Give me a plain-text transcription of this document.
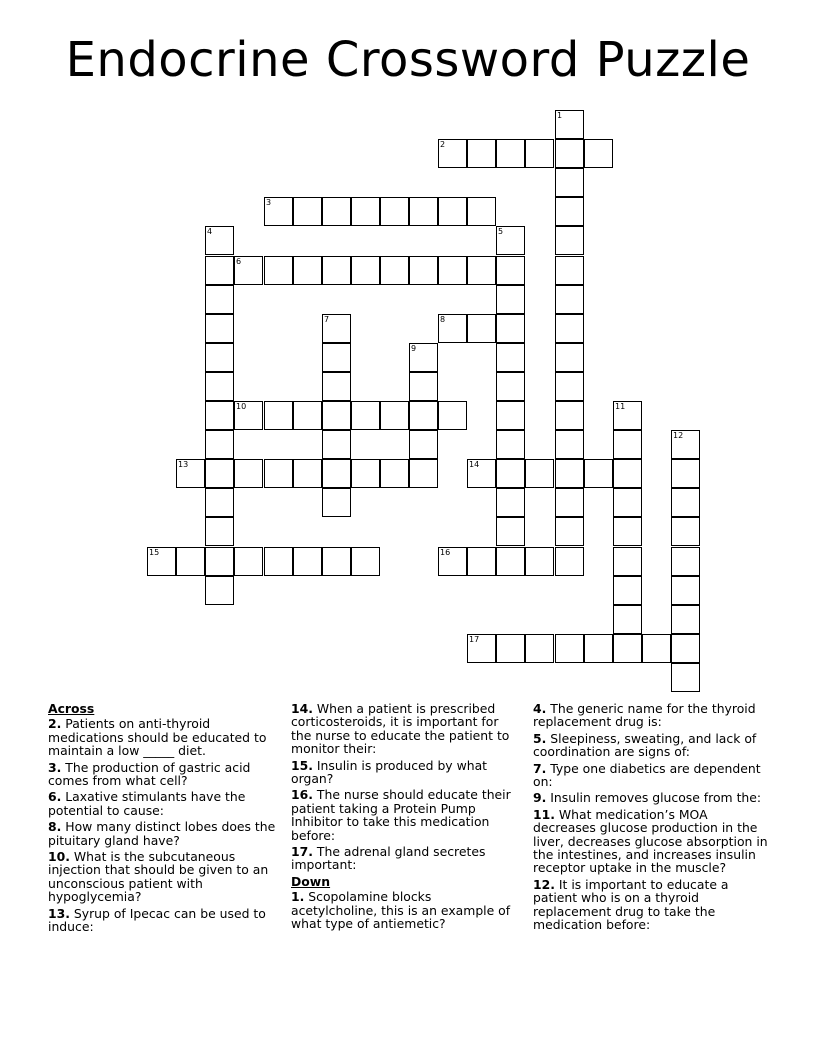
Endocrine Crossword Puzzle
1
2
3
4	5
6
7	8
9
10	11
12
13	14
15	16
17

Across

2. Patients on anti-thyroid medications should be educated to maintain a low _____ diet.

3. The production of gastric acid comes from what cell?

6. Laxative stimulants have the potential to cause:

8. How many distinct lobes does the pituitary gland have?

10. What is the subcutaneous injection that should be given to an unconscious patient with hypoglycemia?

13. Syrup of Ipecac can be used to induce:

14. When a patient is prescribed corticosteroids, it is important for the nurse to educate the patient to monitor their:

15. Insulin is produced by what organ?

16. The nurse should educate their patient taking a Protein Pump Inhibitor to take this medication before:

17. The adrenal gland secretes important:

Down

1. Scopolamine blocks acetylcholine, this is an example of what type of antiemetic?

4. The generic name for the thyroid replacement drug is:

5. Sleepiness, sweating, and lack of coordination are signs of:

7. Type one diabetics are dependent on:

9. Insulin removes glucose from the:

11. What medication’s MOA decreases glucose production in the liver, decreases glucose absorption in the intestines, and increases insulin receptor uptake in the muscle?

12. It is important to educate a patient who is on a thyroid replacement drug to take the medication before:
